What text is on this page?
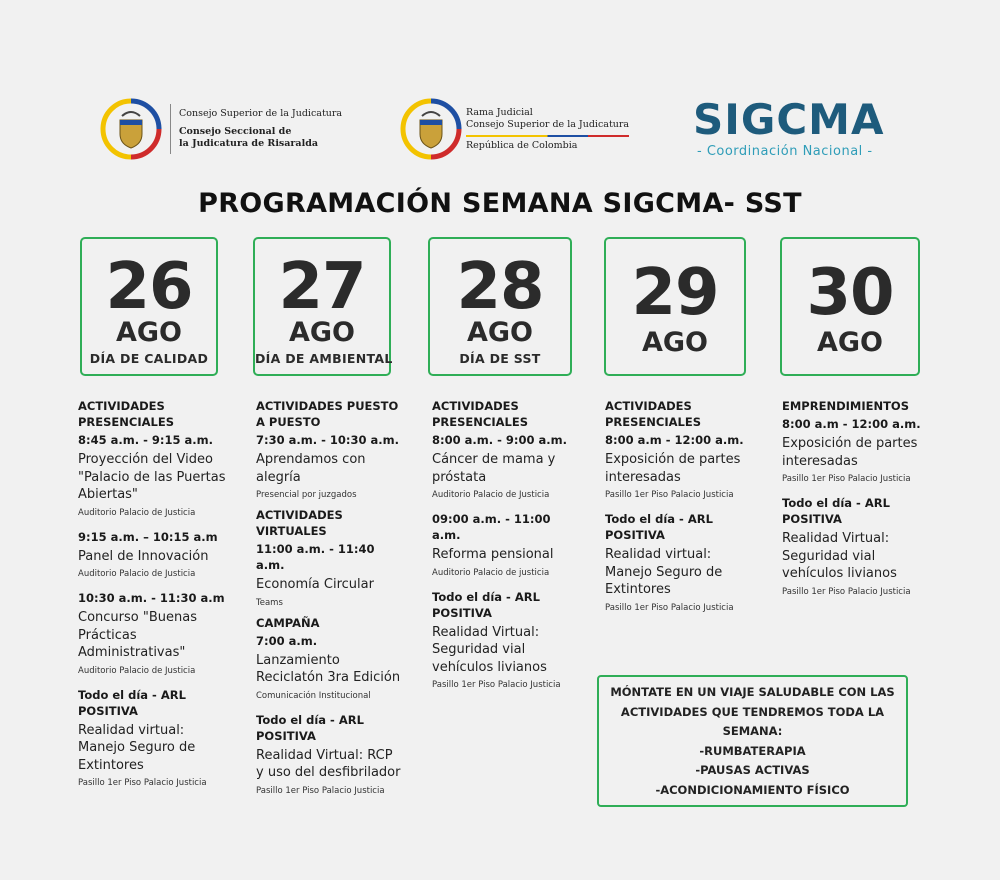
Consejo Superior de la Judicatura
Consejo Seccional de
la Judicatura de Risaralda
Rama Judicial
Consejo Superior de la Judicatura
República de Colombia
SIGCMA
- Coordinación Nacional -
PROGRAMACIÓN SEMANA SIGCMA- SST
26
AGO
DÍA DE CALIDAD
27
AGO
DÍA DE AMBIENTAL
28
AGO
DÍA DE SST
29
AGO
30
AGO
ACTIVIDADES PRESENCIALES
8:45 a.m. - 9:15 a.m.
Proyección del Video "Palacio de las Puertas Abiertas"
Auditorio Palacio de Justicia
9:15 a.m. – 10:15 a.m
Panel de Innovación
Auditorio Palacio de Justicia
10:30 a.m. - 11:30 a.m
Concurso "Buenas Prácticas Administrativas"
Auditorio Palacio de Justicia
Todo el día - ARL POSITIVA
Realidad virtual: Manejo Seguro de Extintores
Pasillo 1er Piso Palacio Justicia
ACTIVIDADES PUESTO A PUESTO
7:30 a.m. - 10:30 a.m.
Aprendamos con alegría
Presencial por juzgados
ACTIVIDADES VIRTUALES
11:00 a.m. - 11:40 a.m.
Economía Circular
Teams
CAMPAÑA
7:00 a.m.
Lanzamiento Reciclatón 3ra Edición
Comunicación Institucional
Todo el día - ARL POSITIVA
Realidad Virtual: RCP y uso del desfibrilador
Pasillo 1er Piso Palacio Justicia
ACTIVIDADES PRESENCIALES
8:00 a.m. - 9:00 a.m.
Cáncer de mama y próstata
Auditorio Palacio de Justicia
09:00 a.m. - 11:00 a.m.
Reforma pensional
Auditorio Palacio de justicia
Todo el día - ARL POSITIVA
Realidad Virtual: Seguridad vial vehículos livianos
Pasillo 1er Piso Palacio Justicia
ACTIVIDADES PRESENCIALES
8:00 a.m - 12:00 a.m.
Exposición de partes interesadas
Pasillo 1er Piso Palacio Justicia
Todo el día - ARL POSITIVA
Realidad virtual: Manejo Seguro de Extintores
Pasillo 1er Piso Palacio Justicia
EMPRENDIMIENTOS
8:00 a.m - 12:00 a.m.
Exposición de partes interesadas
Pasillo 1er Piso Palacio Justicia
Todo el día - ARL POSITIVA
Realidad Virtual: Seguridad vial vehículos livianos
Pasillo 1er Piso Palacio Justicia
MÓNTATE EN UN VIAJE SALUDABLE CON LAS
ACTIVIDADES QUE TENDREMOS TODA LA
SEMANA:
-RUMBATERAPIA
-PAUSAS ACTIVAS
-ACONDICIONAMIENTO FÍSICO
